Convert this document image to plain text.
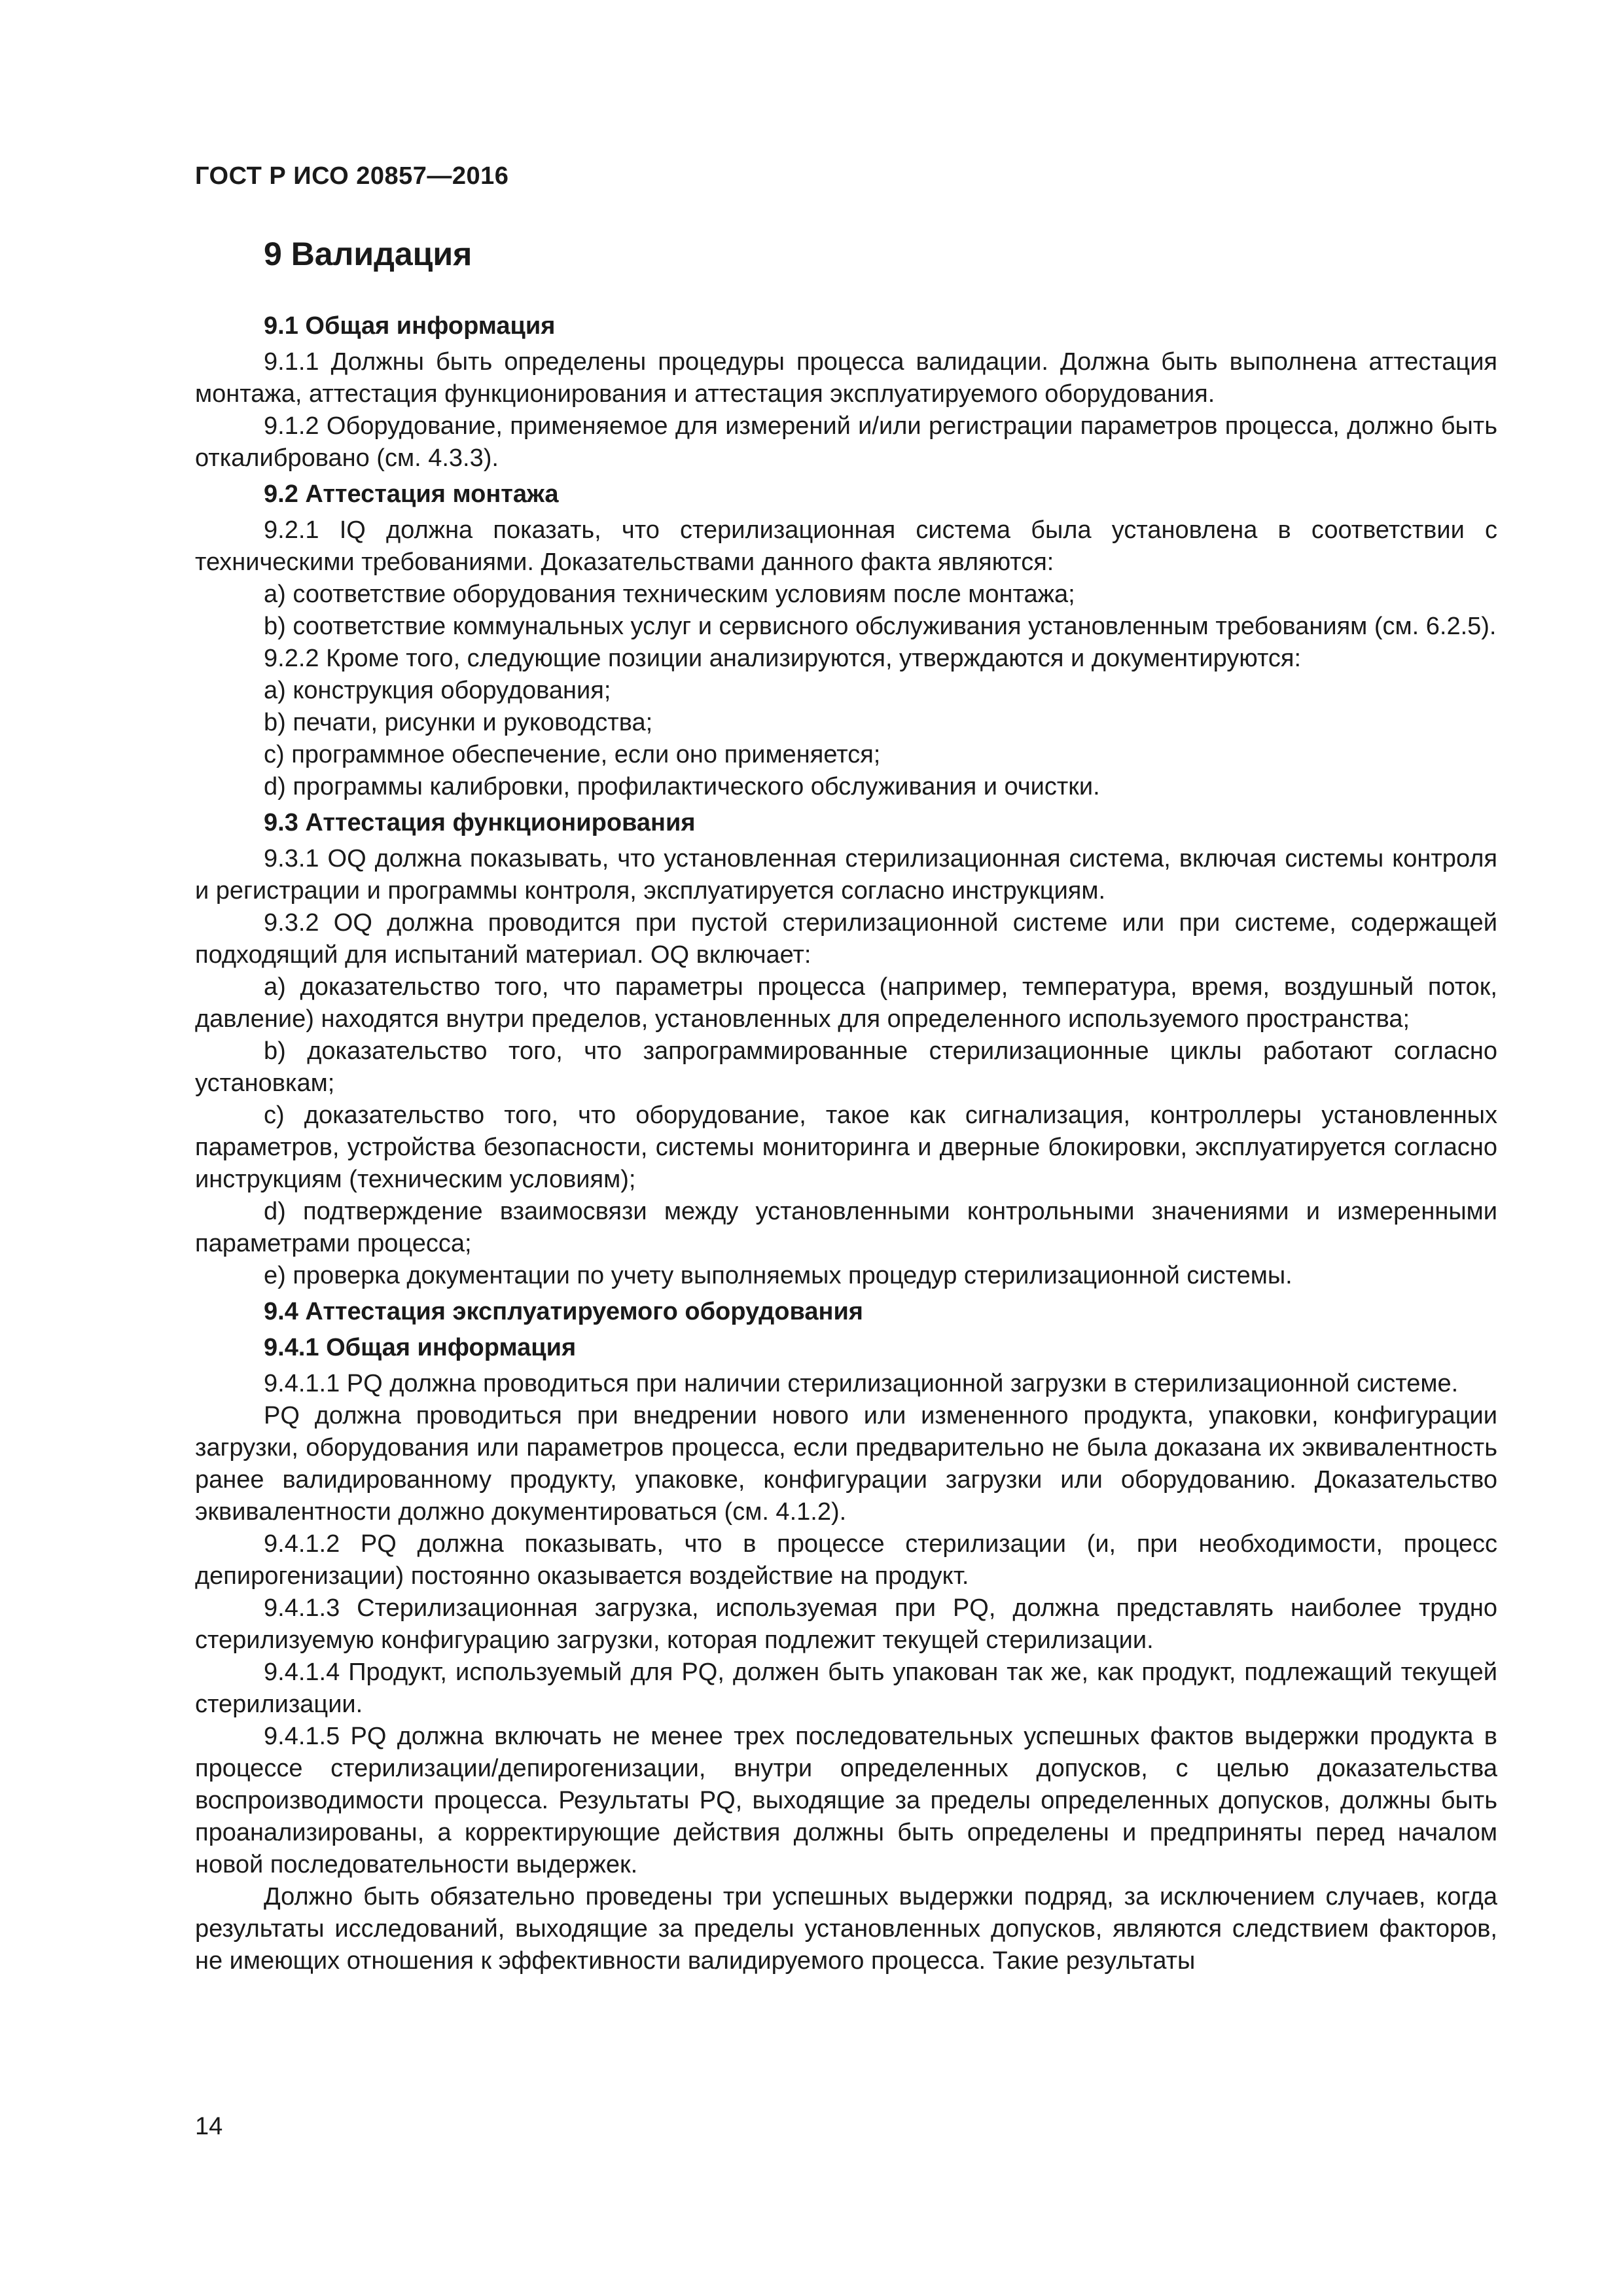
ГОСТ Р ИСО 20857—2016
9 Валидация
9.1 Общая информация

9.1.1 Должны быть определены процедуры процесса валидации. Должна быть выполнена аттестация монтажа, аттестация функционирования и аттестация эксплуатируемого оборудования.

9.1.2 Оборудование, применяемое для измерений и/или регистрации параметров процесса, должно быть откалибровано (см. 4.3.3).

9.2 Аттестация монтажа

9.2.1 IQ должна показать, что стерилизационная система была установлена в соответствии с техническими требованиями. Доказательствами данного факта являются:

а) соответствие оборудования техническим условиям после монтажа;

b) соответствие коммунальных услуг и сервисного обслуживания установленным требованиям (см. 6.2.5).

9.2.2 Кроме того, следующие позиции анализируются, утверждаются и документируются:

а) конструкция оборудования;

b) печати, рисунки и руководства;

с) программное обеспечение, если оно применяется;

d) программы калибровки, профилактического обслуживания и очистки.

9.3 Аттестация функционирования

9.3.1 OQ должна показывать, что установленная стерилизационная система, включая системы контроля и регистрации и программы контроля, эксплуатируется согласно инструкциям.

9.3.2 OQ должна проводится при пустой стерилизационной системе или при системе, содержащей подходящий для испытаний материал. OQ включает:

а) доказательство того, что параметры процесса (например, температура, время, воздушный поток, давление) находятся внутри пределов, установленных для определенного используемого пространства;

b) доказательство того, что запрограммированные стерилизационные циклы работают согласно установкам;

с) доказательство того, что оборудование, такое как сигнализация, контроллеры установленных параметров, устройства безопасности, системы мониторинга и дверные блокировки, эксплуатируется согласно инструкциям (техническим условиям);

d) подтверждение взаимосвязи между установленными контрольными значениями и измеренными параметрами процесса;

е) проверка документации по учету выполняемых процедур стерилизационной системы.

9.4 Аттестация эксплуатируемого оборудования
9.4.1 Общая информация

9.4.1.1 PQ должна проводиться при наличии стерилизационной загрузки в стерилизационной системе.

PQ должна проводиться при внедрении нового или измененного продукта, упаковки, конфигурации загрузки, оборудования или параметров процесса, если предварительно не была доказана их эквивалентность ранее валидированному продукту, упаковке, конфигурации загрузки или оборудованию. Доказательство эквивалентности должно документироваться (см. 4.1.2).

9.4.1.2 PQ должна показывать, что в процессе стерилизации (и, при необходимости, процесс депирогенизации) постоянно оказывается воздействие на продукт.

9.4.1.3 Стерилизационная загрузка, используемая при PQ, должна представлять наиболее трудно стерилизуемую конфигурацию загрузки, которая подлежит текущей стерилизации.

9.4.1.4 Продукт, используемый для PQ, должен быть упакован так же, как продукт, подлежащий текущей стерилизации.

9.4.1.5 PQ должна включать не менее трех последовательных успешных фактов выдержки продукта в процессе стерилизации/депирогенизации, внутри определенных допусков, с целью доказательства воспроизводимости процесса. Результаты PQ, выходящие за пределы определенных допусков, должны быть проанализированы, а корректирующие действия должны быть определены и предприняты перед началом новой последовательности выдержек.

Должно быть обязательно проведены три успешных выдержки подряд, за исключением случаев, когда результаты исследований, выходящие за пределы установленных допусков, являются следствием факторов, не имеющих отношения к эффективности валидируемого процесса. Такие результаты

14
